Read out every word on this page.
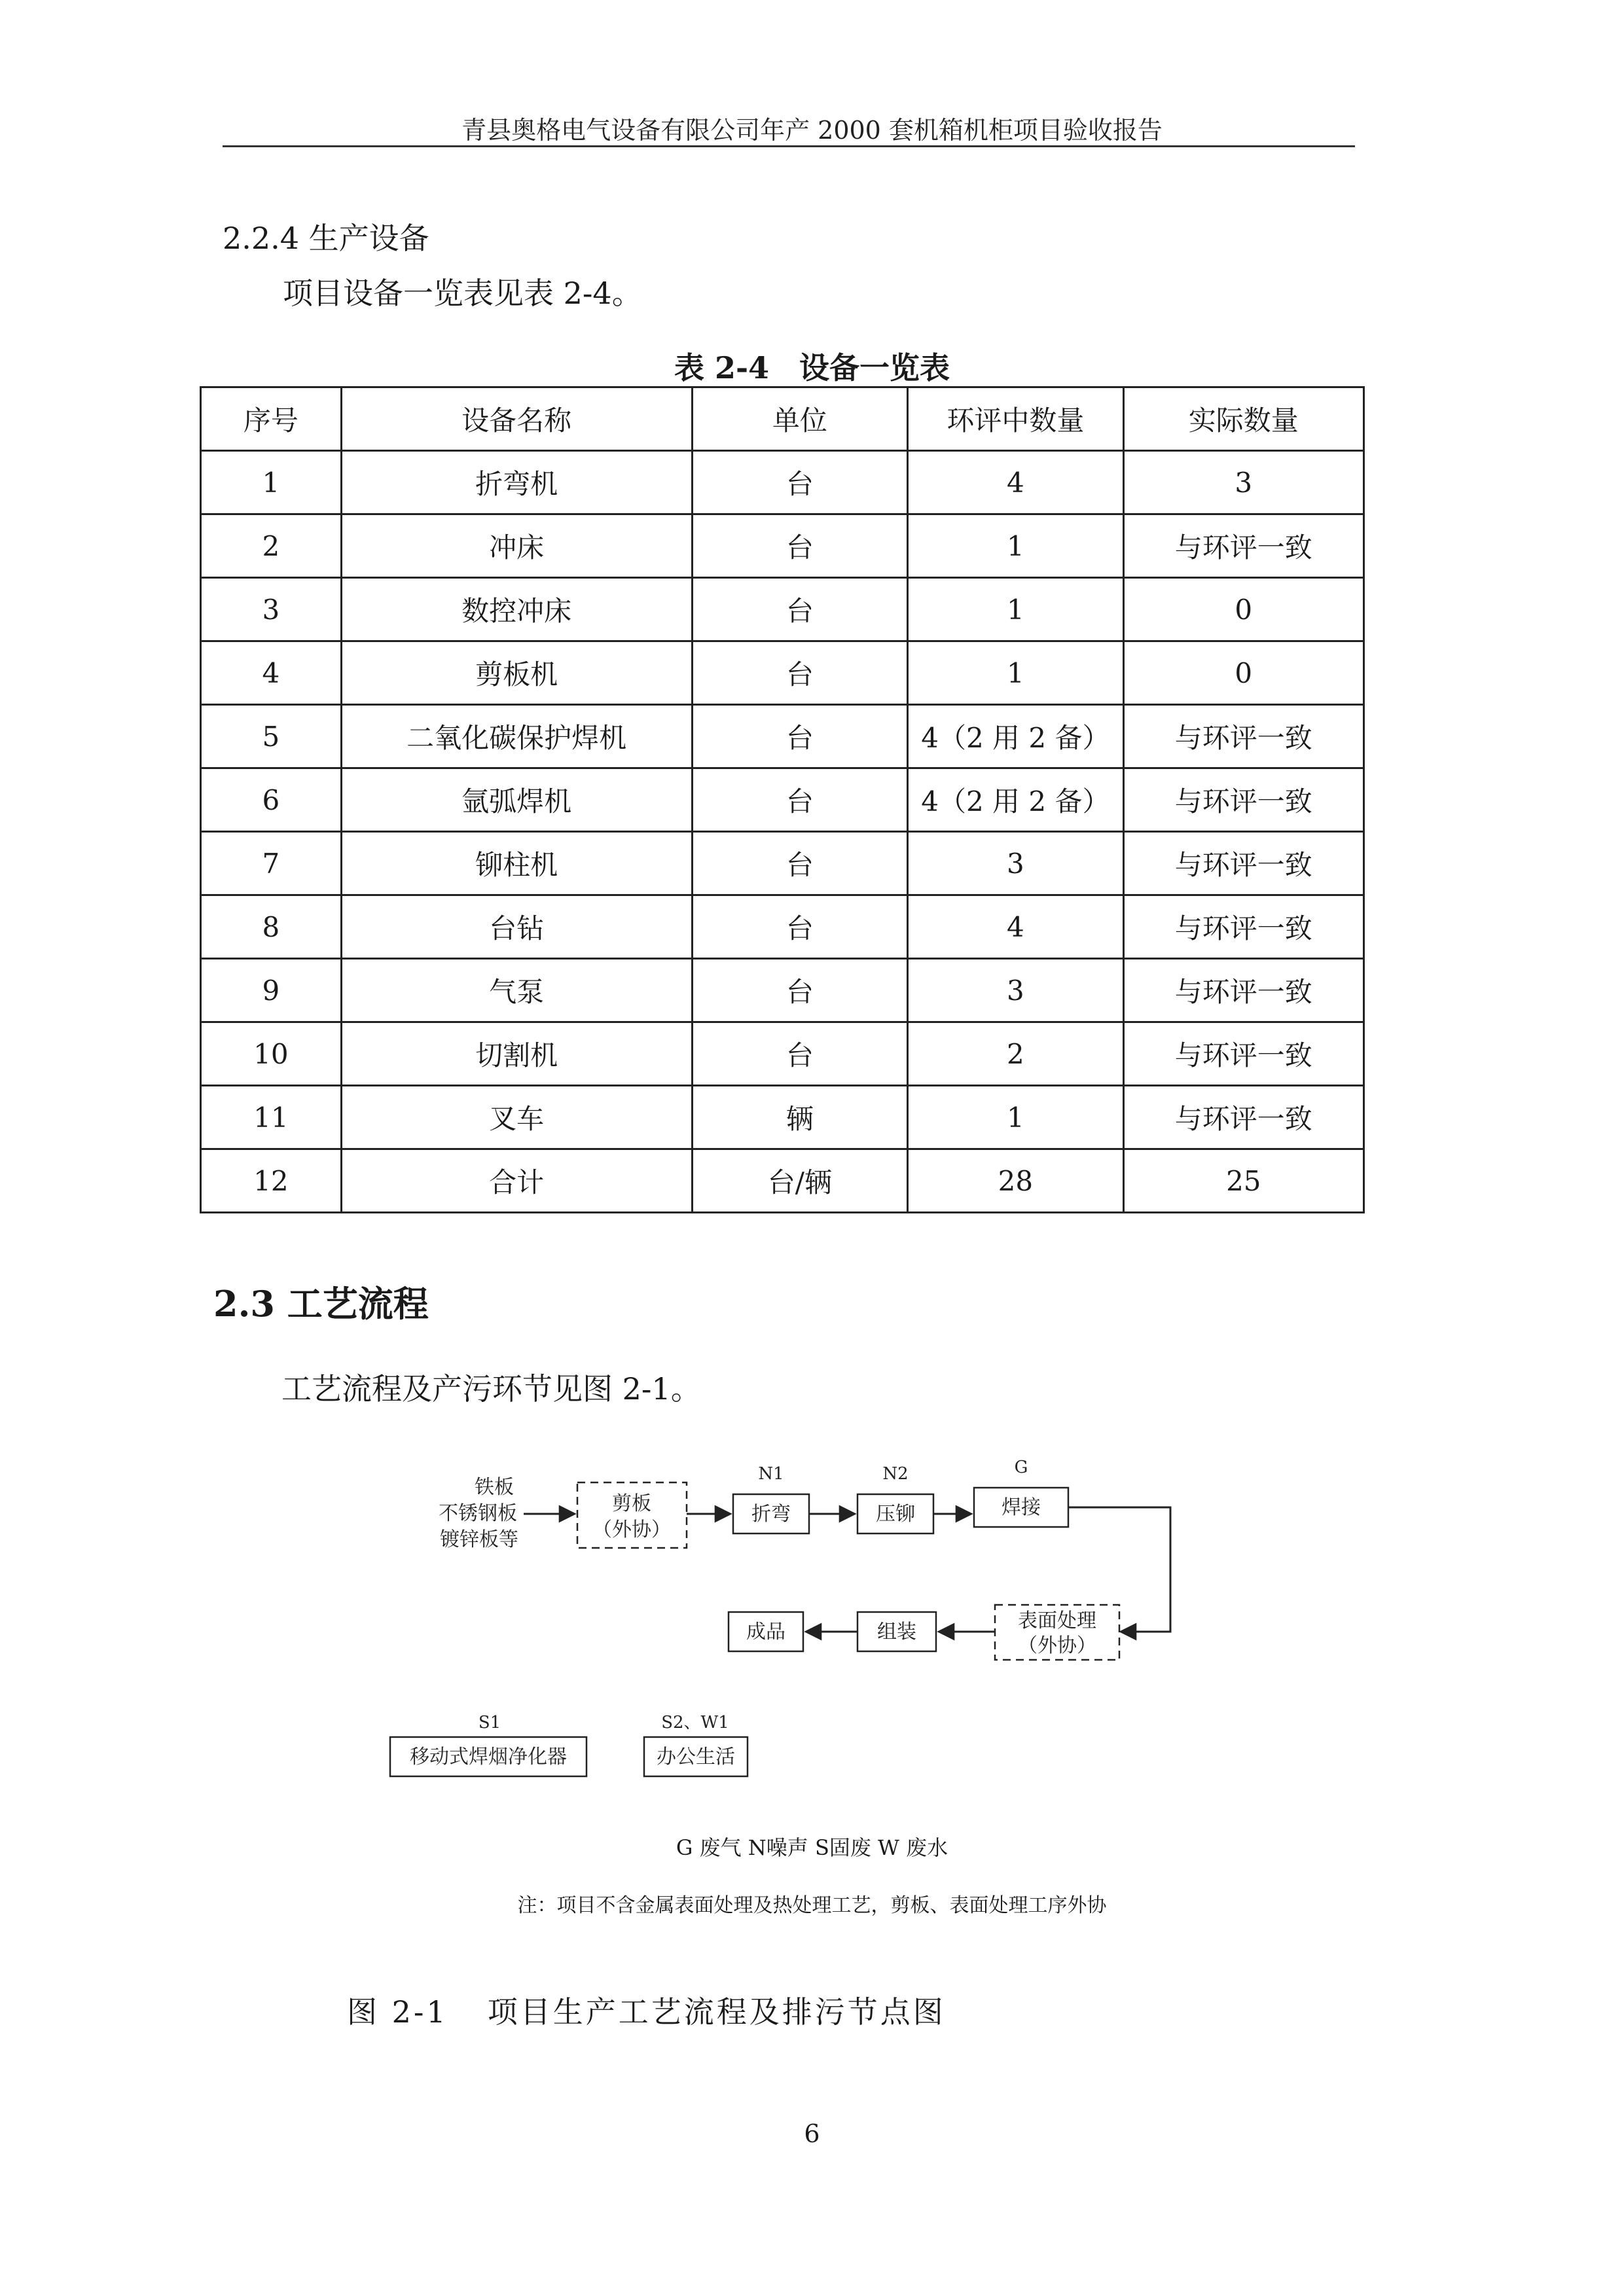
青县奥格电气设备有限公司年产 2000 套机箱机柜项目验收报告
2.2.4 生产设备
项目设备一览表见表 2-4。
表 2-4　设备一览表
序号	设备名称	单位	环评中数量	实际数量
1	折弯机	台	4	3
2	冲床	台	1	与环评一致
3	数控冲床	台	1	0
4	剪板机	台	1	0
5	二氧化碳保护焊机	台	4（2 用 2 备）	与环评一致
6	氩弧焊机	台	4（2 用 2 备）	与环评一致
7	铆柱机	台	3	与环评一致
8	台钻	台	4	与环评一致
9	气泵	台	3	与环评一致
10	切割机	台	2	与环评一致
11	叉车	辆	1	与环评一致
12	合计	台/辆	28	25
2.3 工艺流程
工艺流程及产污环节见图 2-1。
铁板
不锈钢板
镀锌板等
剪板
（外协）
N1
折弯
N2
压铆
G
焊接
表面处理
（外协）
组装
成品
S1
移动式焊烟净化器
S2、W1
办公生活
G 废气 N噪声 S固废 W 废水
注：项目不含金属表面处理及热处理工艺，剪板、表面处理工序外协
图 2-1 项目生产工艺流程及排污节点图
6
